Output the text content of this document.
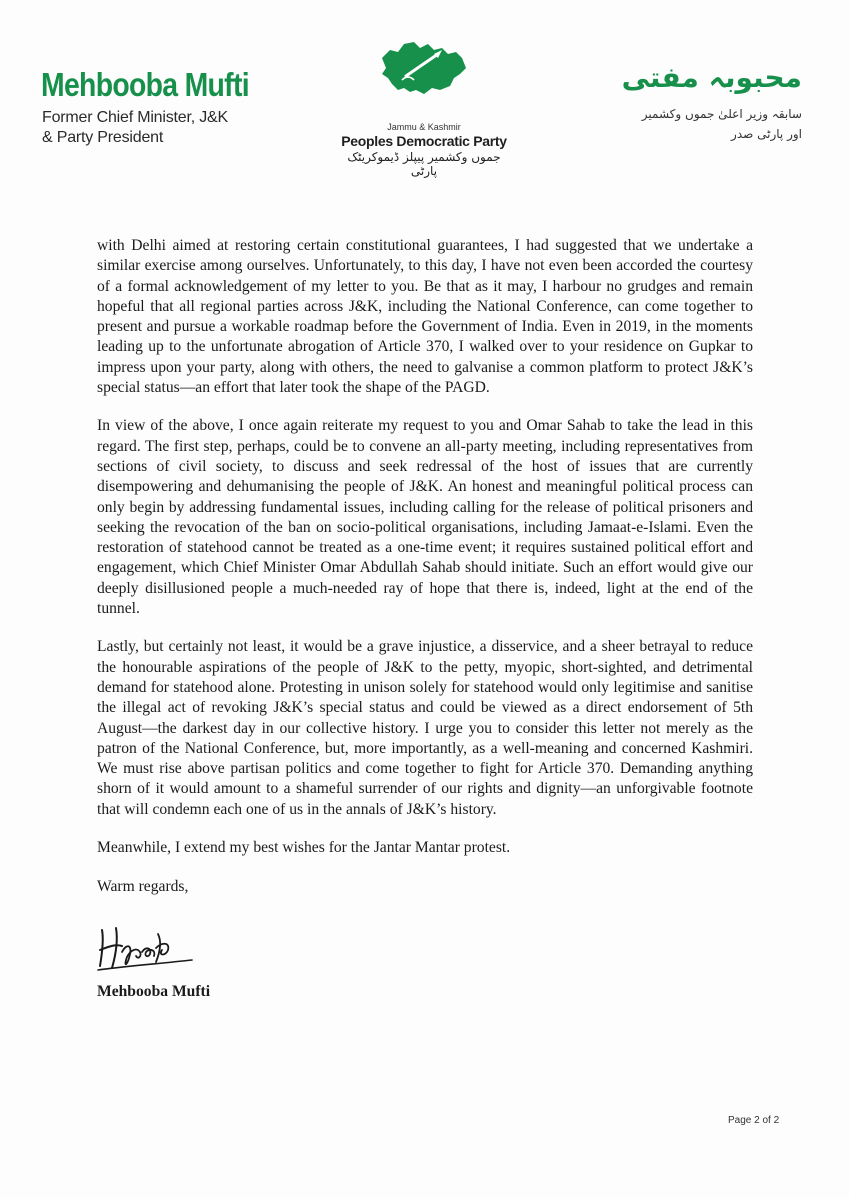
Mehbooba Mufti
Former Chief Minister, J&K
& Party President
Jammu & Kashmir
Peoples Democratic Party
جموں وکشمیر پیپلز ڈیموکریٹک پارٹی
محبوبہ مفتی
سابقہ وزیر اعلیٰ جموں وکشمیر
اور پارٹی صدر

with Delhi aimed at restoring certain constitutional guarantees, I had suggested that we undertake a similar exercise among ourselves. Unfortunately, to this day, I have not even been accorded the courtesy of a formal acknowledgement of my letter to you. Be that as it may, I harbour no grudges and remain hopeful that all regional parties across J&K, including the National Conference, can come together to present and pursue a workable roadmap before the Government of India. Even in 2019, in the moments leading up to the unfortunate abrogation of Article 370, I walked over to your residence on Gupkar to impress upon your party, along with others, the need to galvanise a common platform to protect J&K’s special status—an effort that later took the shape of the PAGD.

In view of the above, I once again reiterate my request to you and Omar Sahab to take the lead in this regard. The first step, perhaps, could be to convene an all-party meeting, including representatives from sections of civil society, to discuss and seek redressal of the host of issues that are currently disempowering and dehumanising the people of J&K. An honest and meaningful political process can only begin by addressing fundamental issues, including calling for the release of political prisoners and seeking the revocation of the ban on socio-political organisations, including Jamaat-e-Islami. Even the restoration of statehood cannot be treated as a one-time event; it requires sustained political effort and engagement, which Chief Minister Omar Abdullah Sahab should initiate. Such an effort would give our deeply disillusioned people a much-needed ray of hope that there is, indeed, light at the end of the tunnel.

Lastly, but certainly not least, it would be a grave injustice, a disservice, and a sheer betrayal to reduce the honourable aspirations of the people of J&K to the petty, myopic, short-sighted, and detrimental demand for statehood alone. Protesting in unison solely for statehood would only legitimise and sanitise the illegal act of revoking J&K’s special status and could be viewed as a direct endorsement of 5th August—the darkest day in our collective history. I urge you to consider this letter not merely as the patron of the National Conference, but, more importantly, as a well-meaning and concerned Kashmiri. We must rise above partisan politics and come together to fight for Article 370. Demanding anything shorn of it would amount to a shameful surrender of our rights and dignity—an unforgivable footnote that will condemn each one of us in the annals of J&K’s history.

Meanwhile, I extend my best wishes for the Jantar Mantar protest.

Warm regards,
Mehbooba Mufti
Page 2 of 2
